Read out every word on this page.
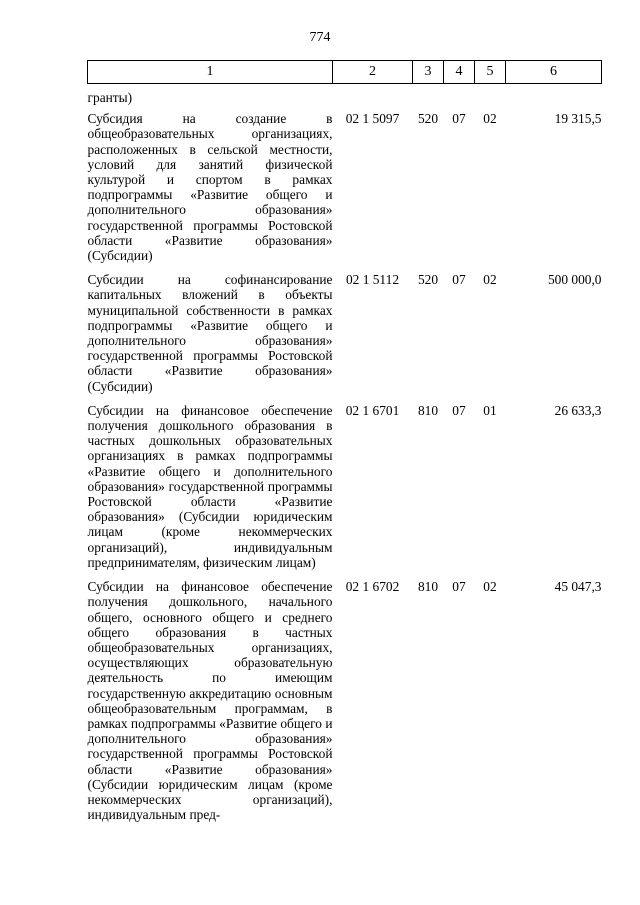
774
1	2	3	4	5	6
гранты)					
Субсидия на создание в общеобразовательных организациях, расположенных в сельской местности, условий для занятий физической культурой и спортом в рамках подпрограммы «Развитие общего и дополнительного образования» государственной программы Ростовской области «Развитие образования» (Субсидии)	02 1 5097	520	07	02	19 315,5
Субсидии на софинансирование капитальных вложений в объекты муниципальной собственности в рамках подпрограммы «Развитие общего и дополнительного образования» государственной программы Ростовской области «Развитие образования» (Субсидии)	02 1 5112	520	07	02	500 000,0
Субсидии на финансовое обеспечение получения дошкольного образования в частных дошкольных образовательных организациях в рамках подпрограммы «Развитие общего и дополнительного образования» государственной программы Ростовской области «Развитие образования» (Субсидии юридическим лицам (кроме некоммерческих организаций), индивидуальным предпринимателям, физическим лицам)	02 1 6701	810	07	01	26 633,3
Субсидии на финансовое обеспечение получения дошкольного, начального общего, основного общего и среднего общего образования в частных общеобразовательных организациях, осуществляющих образовательную деятельность по имеющим государственную аккредитацию основным общеобразовательным программам, в рамках подпрограммы «Развитие общего и дополнительного образования» государственной программы Ростовской области «Развитие образования» (Субсидии юридическим лицам (кроме некоммерческих организаций), индивидуальным пред-	02 1 6702	810	07	02	45 047,3
